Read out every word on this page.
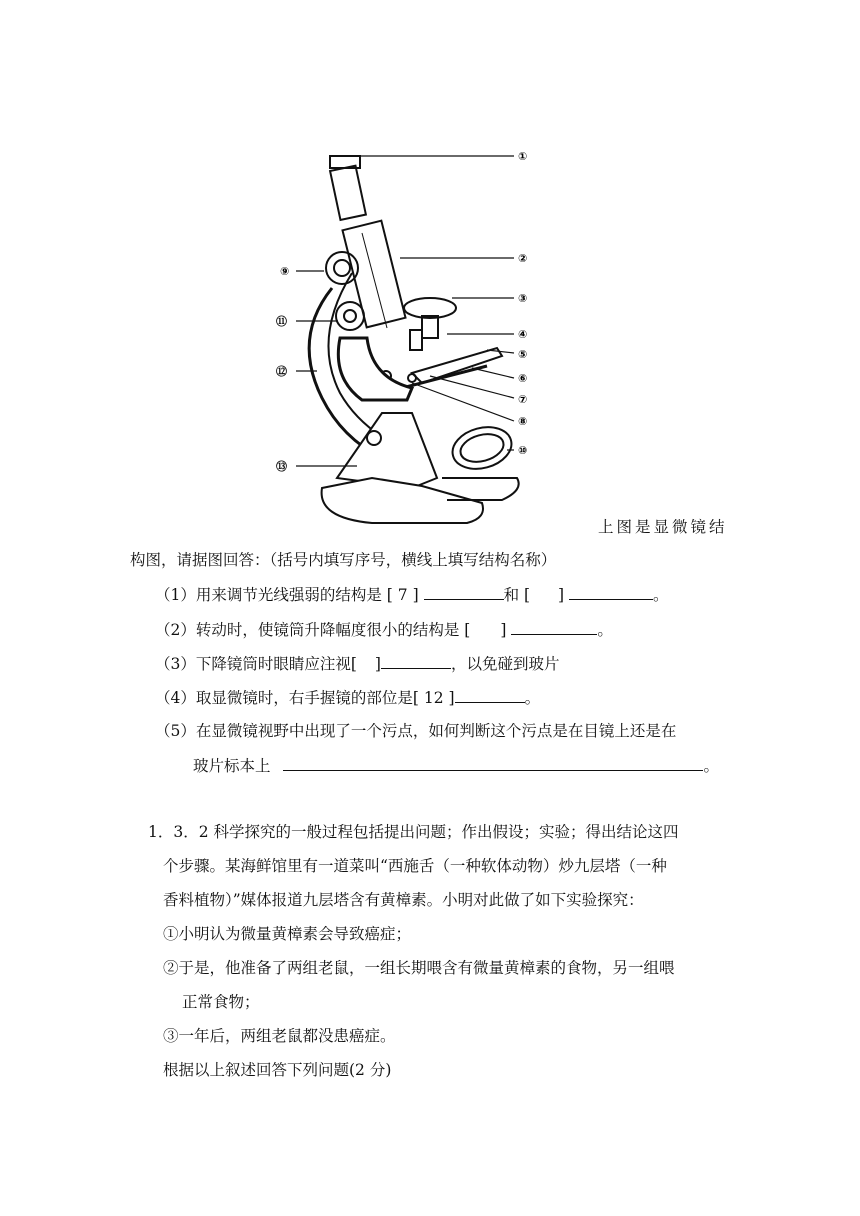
①
②
③
④
⑤
⑥
⑦
⑧
⑨
⑩
⑪
⑫
⑬
上图是显微镜结
构图，请据图回答：（括号内填写序号，横线上填写结构名称）
（1）用来调节光线强弱的结构是 [ 7 ]	和 [ ]	。
（2）转动时，使镜筒升降幅度很小的结构是 [ ]	。
（3）下降镜筒时眼睛应注视[ ]	，以免碰到玻片
（4）取显微镜时，右手握镜的部位是[ 12 ]	。
（5）在显微镜视野中出现了一个污点，如何判断这个污点是在目镜上还是在
玻片标本上	。
1．3．2 科学探究的一般过程包括提出问题；作出假设；实验；得出结论这四
个步骤。某海鲜馆里有一道菜叫“西施舌（一种软体动物）炒九层塔（一种
香料植物）”媒体报道九层塔含有黄樟素。小明对此做了如下实验探究：
①小明认为微量黄樟素会导致癌症；
②于是，他准备了两组老鼠，一组长期喂含有微量黄樟素的食物，另一组喂
正常食物；
③一年后，两组老鼠都没患癌症。
根据以上叙述回答下列问题(2 分)
